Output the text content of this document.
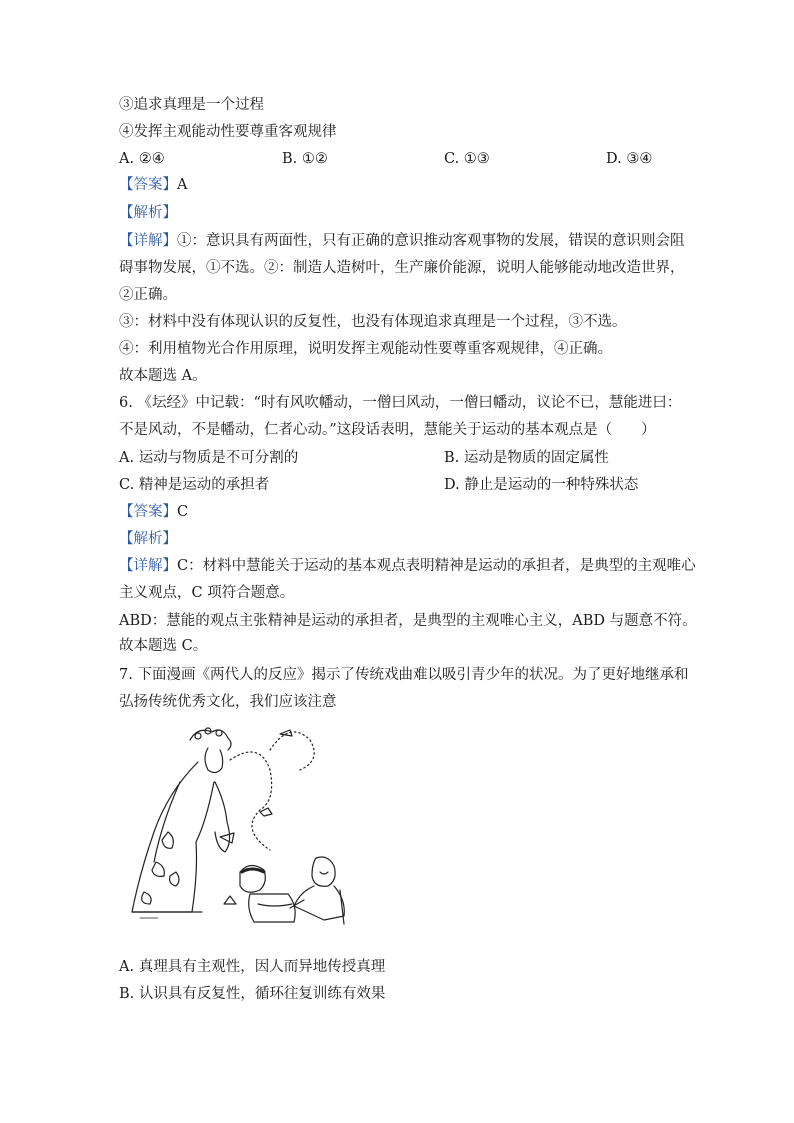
③追求真理是一个过程
④发挥主观能动性要尊重客观规律
A. ②④	B. ①②	C. ①③	D. ③④
【答案】A
【解析】
【详解】①：意识具有两面性，只有正确的意识推动客观事物的发展，错误的意识则会阻
碍事物发展，①不选。②：制造人造树叶，生产廉价能源，说明人能够能动地改造世界，
②正确。
③：材料中没有体现认识的反复性，也没有体现追求真理是一个过程，③不选。
④：利用植物光合作用原理，说明发挥主观能动性要尊重客观规律，④正确。
故本题选 A。
6. 《坛经》中记载：“时有风吹幡动，一僧曰风动，一僧曰幡动，议论不已，慧能进曰：
不是风动，不是幡动，仁者心动。”这段话表明，慧能关于运动的基本观点是（　　）
A. 运动与物质是不可分割的	B. 运动是物质的固定属性
C. 精神是运动的承担者	D. 静止是运动的一种特殊状态
【答案】C
【解析】
【详解】C：材料中慧能关于运动的基本观点表明精神是运动的承担者，是典型的主观唯心
主义观点，C 项符合题意。
ABD：慧能的观点主张精神是运动的承担者，是典型的主观唯心主义，ABD 与题意不符。
故本题选 C。
7. 下面漫画《两代人的反应》揭示了传统戏曲难以吸引青少年的状况。为了更好地继承和
弘扬传统优秀文化，我们应该注意
A. 真理具有主观性，因人而异地传授真理
B. 认识具有反复性，循环往复训练有效果
